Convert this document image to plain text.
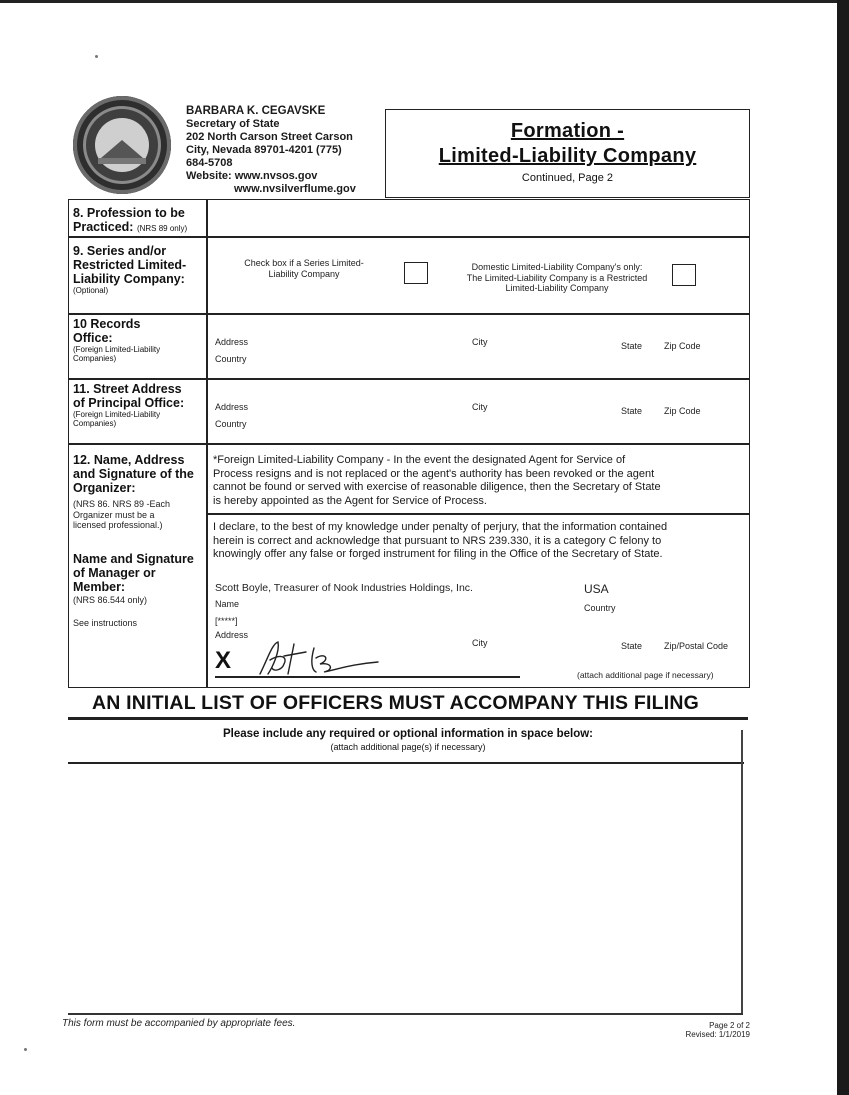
BARBARA K. CEGAVSKE
Secretary of State
202 North Carson Street Carson
City, Nevada 89701-4201 (775)
684-5708
Website: www.nvsos.gov
www.nvsilverflume.gov
Formation -
Limited-Liability Company
Continued, Page 2
8. Profession to be
Practiced: (NRS 89 only)
9. Series and/or
Restricted Limited-
Liability Company:
(Optional)
Check box if a Series Limited-
Liability Company
Domestic Limited-Liability Company's only:
The Limited-Liability Company is a Restricted
Limited-Liability Company
10 Records
Office:
(Foreign Limited-Liability
Companies)
Address	City	State Zip Code
Country
11. Street Address
of Principal Office:
(Foreign Limited-Liability
Companies)
Address	City	State Zip Code
Country
12. Name, Address
and Signature of the
Organizer:
(NRS 86. NRS 89 -Each
Organizer must be a
licensed professional.)
Name and Signature
of Manager or
Member:
(NRS 86.544 only)
See instructions
*Foreign Limited-Liability Company - In the event the designated Agent for Service of
Process resigns and is not replaced or the agent's authority has been revoked or the agent
cannot be found or served with exercise of reasonable diligence, then the Secretary of State
is hereby appointed as the Agent for Service of Process.
I declare, to the best of my knowledge under penalty of perjury, that the information contained
herein is correct and acknowledge that pursuant to NRS 239.330, it is a category C felony to
knowingly offer any false or forged instrument for filing in the Office of the Secretary of State.
Scott Boyle, Treasurer of Nook Industries Holdings, Inc.	USA
Name	Country
[*****]
Address
City	State Zip/Postal Code
X
(attach additional page if necessary)
AN INITIAL LIST OF OFFICERS MUST ACCOMPANY THIS FILING
Please include any required or optional information in space below:
(attach additional page(s) if necessary)
This form must be accompanied by appropriate fees.	Page 2 of 2
Revised: 1/1/2019
